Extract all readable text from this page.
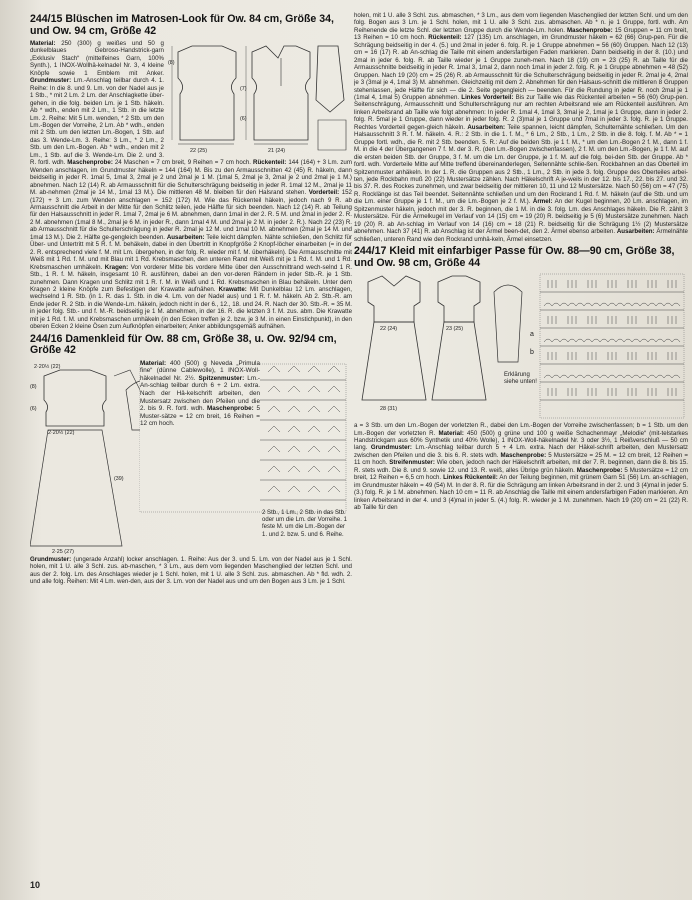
244/15 Blüschen im Matrosen-Look für Ow. 84 cm, Größe 34, und Ow. 94 cm, Größe 42
22 (25)	21 (24)
(8)
(7)
(6)

Material: 250 (300) g weißes und 50 g dunkelblaues Gebroso-Handstrick-garn „Exklusiv Stach“ (mittelfeines Garn, 100% Synth.), 1 INOX-Wollhä-kelnadel Nr. 3, 4 kleine Knöpfe sowie 1 Emblem mit Anker. Grundmuster: Lm.-Anschlag teilbar durch 4. 1. Reihe: In die 8. und 9. Lm. von der Nadel aus je 1 Stb., * mit 2 Lm. 2 Lm. der Anschlagkette über-gehen, in die folg. beiden Lm. je 1 Stb. häkeln. Ab * wdh., enden mit 2 Lm., 1 Stb. in die letzte Lm. 2. Reihe: Mit 5 Lm. wenden, * 2 Stb. um den Lm.-Bogen der Vorreihe, 2 Lm. Ab * wdh., enden mit 2 Stb. um den letzten Lm.-Bogen, 1 Stb. auf das 3. Wende-Lm. 3. Reihe: 3 Lm., * 2 Lm., 2 Stb. um den Lm.-Bogen. Ab * wdh., enden mit 2 Lm., 1 Stb. auf die 3. Wende-Lm. Die 2. und 3. R. fortl. wdh. Maschenprobe: 24 Maschen = 7 cm breit, 9 Reihen = 7 cm hoch. Rückenteil: 144 (164) + 3 Lm. zum Wenden anschlagen, im Grundmuster häkeln = 144 (164) M. Bis zu den Armausschnitten 42 (45) R. häkeln, dann beidseitig in jeder R. 1mal 5, 1mal 3, 2mal je 2 und 2mal je 1 M. (1mal 5, 2mal je 3, 2mal je 2 und 2mal je 1 M.) abnehmen. Nach 12 (14) R. ab Armausschnitt für die Schulterschrägung beidseitig in jeder R. 1mal 12 M., 2mal je 11 M. ab-nehmen (2mal je 14 M., 1mal 13 M.). Die mittleren 48 M. bleiben für den Halsrand stehen. Vorderteil: 152 (172) + 3 Lm. zum Wenden anschlagen = 152 (172) M. Wie das Rückenteil häkeln, jedoch nach 9 R. ab Armausschnitt die Arbeit in der Mitte für den Schlitz teilen, jede Hälfte für sich beenden. Nach 12 (14) R. ab Teilung für den Halsausschnitt in jeder R. 1mal 7, 2mal je 6 M. abnehmen, dann 1mal in der 2. R. 5 M. und 2mal in jeder 2. R. 2 M. abnehmen (1mal 8 M., 2mal je 6 M. in jeder R., dann 1mal 4 M. und 2mal je 2 M. in jeder 2. R.). Nach 22 (23) R. ab Armausschnitt für die Schulterschrägung in jeder R. 2mal je 12 M. und 1mal 10 M. abnehmen (2mal je 14 M. und 1mal 13 M.). Die 2. Hälfte ge-gengleich beenden. Ausarbeiten: Teile leicht dämpfen. Nähte schließen, den Schlitz für Über- und Untertritt mit 5 R. f. M. behäkeln, dabei in den Übertritt in Knopfgröße 2 Knopf-löcher einarbeiten (= in der 2. R. entsprechend viele f. M. mit Lm. übergehen, in der folg. R. wieder mit f. M. überhäkeln). Die Armausschnitte mit Weiß mit 1 Rd. f. M. und mit Blau mit 1 Rd. Krebsmaschen, den unteren Rand mit Weiß mit je 1 Rd. f. M. und 1 Rd. Krebsmaschen umhäkeln. Kragen: Von vorderer Mitte bis vordere Mitte über den Ausschnittrand wech-selnd 1 R. Stb., 1 R. f. M. häkeln, insgesamt 10 R. ausführen, dabei an den vor-deren Rändern in jeder Stb.-R. je 1 Stb. zunehmen. Dann Kragen und Schlitz mit 1 R. f. M. in Weiß und 1 Rd. Krebsmaschen in Blau behäkeln. Unter dem Kragen 2 kleine Knöpfe zum Befestigen der Krawatte aufnähen. Krawatte: Mit Dunkelblau 12 Lm. anschlagen, wechselnd 1 R. Stb. (in 1. R. das 1. Stb. in die 4. Lm. von der Nadel aus) und 1 R. f. M. häkeln. Ab 2. Stb.-R. am Ende jeder R. 2 Stb. in die Wende-Lm. häkeln, jedoch nicht in der 6., 12., 18. und 24. R. Nach der 30. Stb.-R. = 35 M. in jeder folg. Stb.- und f. M.-R. beidseitig je 1 M. abnehmen, in der 16. R. die letzten 3 f. M. zus. abm. Die Krawatte mit je 1 Rd. f. M. und Krebsmaschen umhäkeln (in den Ecken treffen je 2. bzw. je 3 M. in einen Einstichpunkt), in den oberen Ecken 2 kleine Ösen zum Aufknöpfen einarbeiten; Anker abbildungsgemäß aufnähen.

244/16 Damenkleid für Ow. 88 cm, Größe 38, u. Ow. 92/94 cm, Größe 42
2·20½ (22)
(8)
(6)
(39)
2·20½ (22)
2·25 (27)

Material: 400 (500) g Neveda „Primula fine“ (dünne Cablewolle), 1 INOX-Woll-häkelnadel Nr. 2½. Spitzenmuster: Lm.-An-schlag teilbar durch 6 + 2 Lm. extra. Nach der Hä-kelschrift arbeiten, den Mustersatz zwischen den Pfeilen und die 2. bis 9. R. fortl. wdh. Maschenprobe: 5 Muster-sätze = 12 cm breit, 16 Reihen = 12 cm hoch.

2 Stb., 1 Lm., 2 Stb. in das Stb. oder um die Lm. der Vorreihe. 1 feste M. um die Lm.-Bogen der 1. und 2. bzw. 5. und 6. Reihe.

Grundmuster: (ungerade Anzahl) locker anschlagen. 1. Reihe: Aus der 3. und 5. Lm. von der Nadel aus je 1 Schl. holen, mit 1 U. alle 3 Schl. zus. ab-maschen, * 3 Lm., aus dem vorn liegenden Maschenglied der letzten Schl. und aus der 2. folg. Lm. des Anschlages wieder je 1 Schl. holen, mit 1 U. alle 3 Schl. zus. abmaschen. Ab * fld. wdh. 2. und alle folg. Reihen: Mit 4 Lm. wen-den, aus der 3. Lm. von der Nadel aus und um den Bogen aus 3 Lm. je 1 Schl.

holen, mit 1 U. alle 3 Schl. zus. abmaschen, * 3 Lm., aus dem vorn liegenden Maschenglied der letzten Schl. und um den folg. Bogen aus 3 Lm. je 1 Schl. holen, mit 1 U. alle 3 Schl. zus. abmaschen. Ab * n. je 1 Gruppe, fortl. wdh. Am Reihenende die letzte Schl. der letzten Gruppe durch die Wende-Lm. holen. Maschenprobe: 15 Gruppen = 11 cm breit, 13 Reihen = 10 cm hoch. Rückenteil: 127 (135) Lm. anschlagen, im Grundmuster häkeln = 62 (66) Grup-pen. Für die Schrägung beidseitig in der 4. (5.) und 2mal in jeder 6. folg. R. je 1 Gruppe abnehmen = 56 (60) Gruppen. Nach 12 (13) cm = 16 (17) R. ab An-schlag die Taille mit einem andersfarbigen Faden markieren. Dann beidseitig in der 8. (10.) und 2mal in jeder 6. folg. R. ab Taille wieder je 1 Gruppe zuneh-men. Nach 18 (19) cm = 23 (25) R. ab Taille für die Armausschnitte beidseitig in jeder R. 1mal 3, 1mal 2, dann noch 1mal in jeder 2. folg. R. je 1 Gruppe abnehmen = 48 (52) Gruppen. Nach 19 (20) cm = 25 (26) R. ab Armausschnitt für die Schulterschrägung beidseitig in jeder R. 2mal je 4, 2mal je 3 (3mal je 4, 1mal 3) M. abnehmen. Gleichzeitig mit dem 2. Abnehmen für den Halsaus-schnitt die mittleren 8 Gruppen stehenlassen, jede Hälfte für sich — die 2. Seite gegengleich — beenden. Für die Rundung in jeder R. noch 2mal je 1 (1mal 4, 1mal 5) Gruppen abnehmen. Linkes Vorderteil: Bis zur Taille wie das Rückenteil arbeiten = 56 (60) Grup-pen. Seitenschrägung, Armausschnitt und Schulterschrägung nur am rechten Arbeitsrand wie am Rückenteil ausführen. Am linken Arbeitsrand ab Taille wie folgt abnehmen: In jeder R. 1mal 4, 1mal 3, 3mal je 2, 1mal je 1 Gruppe, dann in jeder 2. folg. R. 5mal je 1 Gruppe, dann wieder in jeder folg. R. 2 (3)mal je 1 Gruppe und 7mal in jeder 3. folg. R. je 1 Gruppe. Rechtes Vorderteil gegen-gleich häkeln. Ausarbeiten: Teile spannen, leicht dämpfen, Schulternähte schließen. Um den Halsausschnitt 3 R. f. M. häkeln. 4. R.: 2 Stb. in die 1. f. M., * 6 Lm., 2 Stb., 1 Lm., 2 Stb. in die 8. folg. f. M. Ab * = 1 Gruppe fortl. wdh., die R. mit 2 Stb. beenden. 5. R.: Auf die beiden Stb. je 1 f. M., * um den Lm.-Bogen 2 f. M., dann 1 f. M. in die 4 der Übergangenen 7 f. M. der 3. R. (den Lm.-Bogen zwischenfassen), 2 f. M. um den Lm.-Bogen, je 1 f. M. auf die ersten beiden Stb. der Gruppe, 3 f. M. um die Lm. der Gruppe, je 1 f. M. auf die folg. bei-den Stb. der Gruppe. Ab * fortl. wdh. Vorderteile Mitte auf Mitte treffend übereinanderlegen, Seitennähte schlie-ßen. Rockbahnen an das Oberteil im Spitzenmuster anhäkeln. In der 1. R. die Gruppen aus 2 Stb., 1 Lm., 2 Stb. in jede 3. folg. Gruppe des Oberteiles arbei-ten, jede Rockbahn muß 20 (22) Mustersätze zählen. Nach Häkelschrift A je-weils in der 12. bis 17., 22. bis 27. und 32. bis 37. R. des Rockes zunehmen, und zwar beidseitig der mittleren 10, 11 und 12 Mustersätze. Nach 50 (56) cm = 47 (75) R. Rocklänge ist das Teil beendet. Seitennähte schließen und um den Rockrand 1 Rd. f. M. häkeln (auf die Stb. und um die Lm. einer Gruppe je 1 f. M., um die Lm.-Bogen je 2 f. M.). Ärmel: An der Kugel beginnen, 20 Lm. anschlagen, im Spitzenmuster häkeln, jedoch mit der 3. R. beginnen, die 1 M. in die 3. folg. Lm. des Anschlages häkeln. Die R. zählt 3 Mustersätze. Für die Ärmelkugel im Verlauf von 14 (15) cm = 19 (20) R. beidseitig je 5 (6) Mustersätze zunehmen. Nach 19 (20) R. ab An-schlag im Verlauf von 14 (16) cm = 18 (21) R. beidseitig für die Schrägung 1½ (2) Mustersätze abnehmen. Nach 37 (41) R. ab Anschlag ist der Ärmel been-det, den 2. Ärmel ebenso arbeiten. Ausarbeiten: Ärmelnähte schließen, unteren Rand wie den Rockrand umhä-keln, Ärmel einsetzen.

244/17 Kleid mit einfarbiger Passe für Ow. 88—90 cm, Größe 38, und Ow. 98 cm, Größe 44
22 (24)	23 (25)
28 (31)
a
b

Erklärung siehe unten!

a = 3 Stb. um den Lm.-Bogen der vorletzten R., dabei den Lm.-Bogen der Vorreihe zwischenfassen; b = 1 Stb. um den Lm.-Bogen der vorletzten R. Material: 450 (500) g grüne und 100 g weiße Schachenmayr „Melodie“ (mit-telstarkes Handstrickgarn aus 60% Synthetik und 40% Wolle), 1 INOX-Woll-häkelnadel Nr. 3 oder 3½, 1 Reißverschluß — 50 cm lang. Grundmuster: Lm.-Anschlag teilbar durch 5 + 4 Lm. extra. Nach der Häkel-schrift arbeiten, den Mustersatz zwischen den Pfeilen und die 3. bis 6. R. stets wdh. Maschenprobe: 5 Mustersätze = 25 M. = 12 cm breit, 12 Reihen = 11 cm hoch. Streifenmuster: Wie oben, jedoch nach der Häkelschrift arbeiten, mit der 7. R. beginnen, dann die 8. bis 15. R. stets wdh. Die 8. und 9. sowie 12. und 13. R. weiß, alles Übrige grün häkeln. Maschenprobe: 5 Mustersätze = 12 cm breit, 12 Reihen = 6,5 cm hoch. Linkes Rückenteil: An der Teilung beginnen, mit grünem Garn 51 (56) Lm. an-schlagen, im Grundmuster häkeln = 49 (54) M. In der 8. R. für die Schrägung am linken Arbeitsrand in der 2. und 3 (4)mal in jeder 5. (3.) folg. R. je 1 M. abnehmen. Nach 10 cm = 11 R. ab Anschlag die Taille mit einem andersfarbigen Faden markieren. Am linken Arbeitsrand in der 4. und 3 (4)mal in jeder 5. (4.) folg. R. wieder je 1 M. zunehmen. Nach 19 (20) cm = 21 (22) R. ab Taille für den

10
